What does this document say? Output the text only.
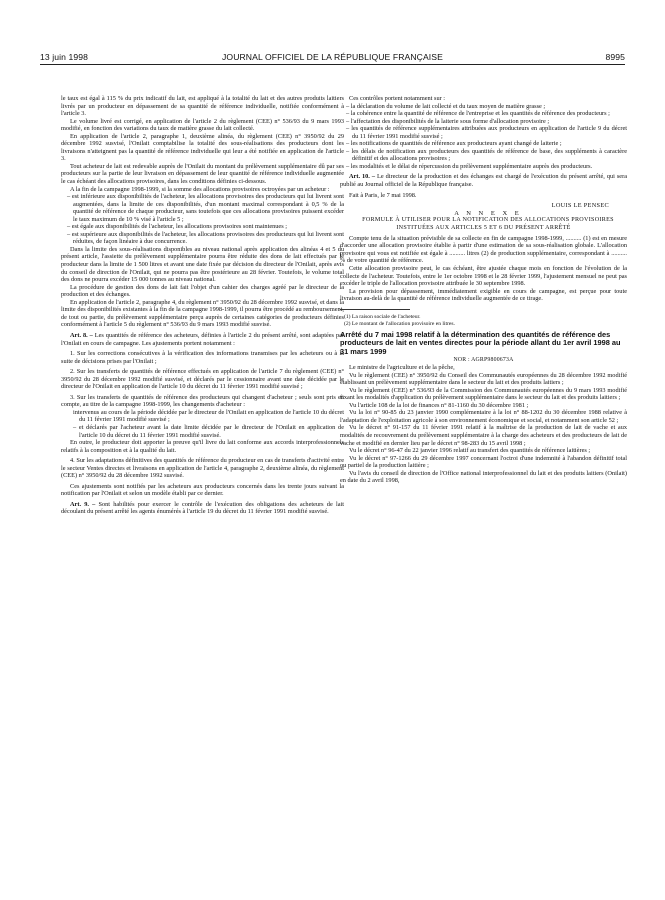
13 juin 1998	JOURNAL OFFICIEL DE LA RÉPUBLIQUE FRANÇAISE	8995

le taux est égal à 115 % du prix indicatif du lait, est appliqué à la totalité du lait et des autres produits laitiers livrés par un producteur en dépassement de sa quantité de référence individuelle, notifiée conformément à l'article 3.

Le volume livré est corrigé, en application de l'article 2 du règlement (CEE) n° 536/93 du 9 mars 1993 modifié, en fonction des variations du taux de matière grasse du lait collecté.

En application de l'article 2, paragraphe 1, deuxième alinéa, du règlement (CEE) n° 3950/92 du 29 décembre 1992 susvisé, l'Onilait comptabilise la totalité des sous-réalisations des producteurs dont les livraisons n'atteignent pas la quantité de référence individuelle qui leur a été notifiée en application de l'article 3.

Tout acheteur de lait est redevable auprès de l'Onilait du montant du prélèvement supplémentaire dû par ses producteurs sur la partie de leur livraison en dépassement de leur quantité de référence individuelle augmentée le cas échéant des allocations provisoires, dans les conditions définies ci-dessous.

A la fin de la campagne 1998-1999, si la somme des allocations provisoires octroyées par un acheteur :

– est inférieure aux disponibilités de l'acheteur, les allocations provisoires des producteurs qui lui livrent sont augmentées, dans la limite de ces disponibilités, d'un montant maximal correspondant à 0,5 % de la quantité de référence de chaque producteur, sans toutefois que ces allocations provisoires puissent excéder le taux maximum de 10 % visé à l'article 5 ;

– est égale aux disponibilités de l'acheteur, les allocations provisoires sont maintenues ;

– est supérieure aux disponibilités de l'acheteur, les allocations provisoires des producteurs qui lui livrent sont réduites, de façon linéaire à due concurrence.

Dans la limite des sous-réalisations disponibles au niveau national après application des alinéas 4 et 5 du présent article, l'assiette du prélèvement supplémentaire pourra être réduite des dons de lait effectués par le producteur dans la limite de 1 500 litres et avant une date fixée par décision du directeur de l'Onilait, après avis du conseil de direction de l'Onilait, qui ne pourra pas être postérieure au 28 février. Toutefois, le volume total des dons ne pourra excéder 15 000 tonnes au niveau national.

La procédure de gestion des dons de lait fait l'objet d'un cahier des charges agréé par le directeur de la production et des échanges.

En application de l'article 2, paragraphe 4, du règlement n° 3950/92 du 28 décembre 1992 susvisé, et dans la limite des disponibilités existantes à la fin de la campagne 1998-1999, il pourra être procédé au remboursement, de tout ou partie, du prélèvement supplémentaire perçu auprès de certaines catégories de producteurs définies conformément à l'article 5 du règlement n° 536/93 du 9 mars 1993 modifié susvisé.

Art. 8. – Les quantités de référence des acheteurs, définies à l'article 2 du présent arrêté, sont adaptées par l'Onilait en cours de campagne. Les ajustements portent notamment :

1. Sur les corrections consécutives à la vérification des informations transmises par les acheteurs ou à la suite de décisions prises par l'Onilait ;

2. Sur les transferts de quantités de référence effectués en application de l'article 7 du règlement (CEE) n° 3950/92 du 28 décembre 1992 modifié susvisé, et déclarés par le cessionnaire avant une date décidée par le directeur de l'Onilait en application de l'article 10 du décret du 11 février 1991 modifié susvisé ;

3. Sur les transferts de quantités de référence des producteurs qui changent d'acheteur ; seuls sont pris en compte, au titre de la campagne 1998-1999, les changements d'acheteur :

intervenus au cours de la période décidée par le directeur de l'Onilait en application de l'article 10 du décret du 11 février 1991 modifié susvisé ;

– et déclarés par l'acheteur avant la date limite décidée par le directeur de l'Onilait en application de l'article 10 du décret du 11 février 1991 modifié susvisé.

En outre, le producteur doit apporter la preuve qu'il livre du lait conforme aux accords interprofessionnels relatifs à la composition et à la qualité du lait.

4. Sur les adaptations définitives des quantités de référence du producteur en cas de transferts d'activité entre le secteur Ventes directes et livraisons en application de l'article 4, paragraphe 2, deuxième alinéa, du règlement (CEE) n° 3950/92 du 28 décembre 1992 susvisé.

Ces ajustements sont notifiés par les acheteurs aux producteurs concernés dans les trente jours suivant la notification par l'Onilait et selon un modèle établi par ce dernier.

Art. 9. – Sont habilités pour exercer le contrôle de l'exécution des obligations des acheteurs de lait découlant du présent arrêté les agents énumérés à l'article 19 du décret du 11 février 1991 modifié susvisé.

Ces contrôles portent notamment sur :

– la déclaration du volume de lait collecté et du taux moyen de matière grasse ;

– la cohérence entre la quantité de référence de l'entreprise et les quantités de référence des producteurs ;

– l'affectation des disponibilités de la laiterie sous forme d'allocation provisoire ;

– les quantités de référence supplémentaires attribuées aux producteurs en application de l'article 9 du décret du 11 février 1991 modifié susvisé ;

– les notifications de quantités de référence aux producteurs ayant changé de laiterie ;

– les délais de notification aux producteurs des quantités de référence de base, des suppléments à caractère définitif et des allocations provisoires ;

– les modalités et le délai de répercussion du prélèvement supplémentaire auprès des producteurs.

Art. 10. – Le directeur de la production et des échanges est chargé de l'exécution du présent arrêté, qui sera publié au Journal officiel de la République française.

Fait à Paris, le 7 mai 1998.

LOUIS LE PENSEC

A N N E X E

FORMULE À UTILISER POUR LA NOTIFICATION DES ALLOCATIONS PROVISOIRES INSTITUÉES AUX ARTICLES 5 ET 6 DU PRÉSENT ARRÊTÉ

Compte tenu de la situation prévisible de sa collecte en fin de campagne 1998-1999, .......... (1) est en mesure d'accorder une allocation provisoire établie à partir d'une estimation de sa sous-réalisation globale. L'allocation provisoire qui vous est notifiée est égale à .......... litres (2) de production supplémentaire, correspondant à .......... % de votre quantité de référence.

Cette allocation provisoire peut, le cas échéant, être ajustée chaque mois en fonction de l'évolution de la collecte de l'acheteur. Toutefois, entre le 1er octobre 1998 et le 28 février 1999, l'ajustement mensuel ne peut pas excéder le triple de l'allocation provisoire attribuée le 30 septembre 1998.

La provision pour dépassement, immédiatement exigible en cours de campagne, est perçue pour toute livraison au-delà de la quantité de référence individuelle augmentée de ce tirage.

(1) La raison sociale de l'acheteur.

(2) Le montant de l'allocation provisoire en litres.

Arrêté du 7 mai 1998 relatif à la détermination des quantités de référence des producteurs de lait en ventes directes pour la période allant du 1er avril 1998 au 31 mars 1999

NOR : AGRP9800673A

Le ministre de l'agriculture et de la pêche,

Vu le règlement (CEE) n° 3950/92 du Conseil des Communautés européennes du 28 décembre 1992 modifié établissant un prélèvement supplémentaire dans le secteur du lait et des produits laitiers ;

Vu le règlement (CEE) n° 536/93 de la Commission des Communautés européennes du 9 mars 1993 modifié fixant les modalités d'application du prélèvement supplémentaire dans le secteur du lait et des produits laitiers ;

Vu l'article 108 de la loi de finances n° 81-1160 du 30 décembre 1981 ;

Vu la loi n° 90-85 du 23 janvier 1990 complémentaire à la loi n° 88-1202 du 30 décembre 1988 relative à l'adaptation de l'exploitation agricole à son environnement économique et social, et notamment son article 52 ;

Vu le décret n° 91-157 du 11 février 1991 relatif à la maîtrise de la production de lait de vache et aux modalités de recouvrement du prélèvement supplémentaire à la charge des acheteurs et des producteurs de lait de vache et modifié en dernier lieu par le décret n° 98-283 du 15 avril 1998 ;

Vu le décret n° 96-47 du 22 janvier 1996 relatif au transfert des quantités de référence laitières ;

Vu le décret n° 97-1266 du 29 décembre 1997 concernant l'octroi d'une indemnité à l'abandon définitif total ou partiel de la production laitière ;

Vu l'avis du conseil de direction de l'Office national interprofessionnel du lait et des produits laitiers (Onilait) en date du 2 avril 1998,
